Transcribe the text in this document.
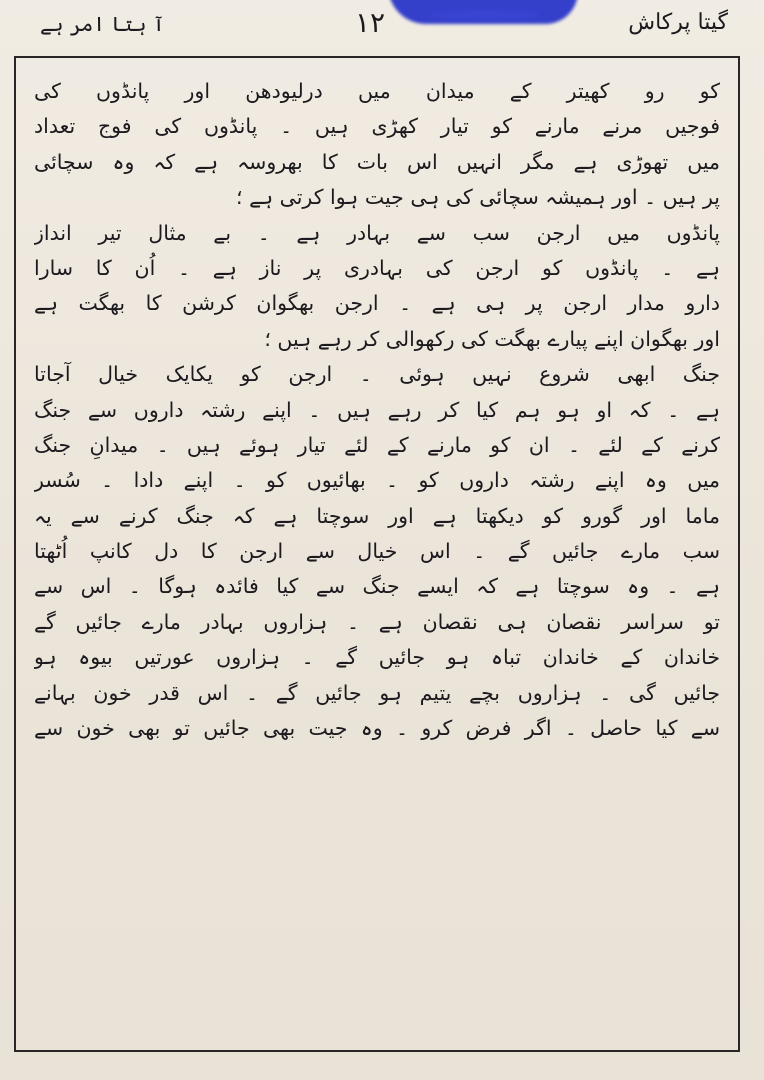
آ ہتا امر ہے	١٢	گیتا پرکاش
کو رو کھیتر کے میدان میں درلیودھن اور پانڈوں کی
فوجیں مرنے مارنے کو تیار کھڑی ہیں ۔ پانڈوں کی فوج تعداد
میں تھوڑی ہے مگر انہیں اس بات کا بھروسہ ہے کہ وہ سچائی
پر ہیں ۔ اور ہمیشہ سچائی کی ہی جیت ہوا کرتی ہے ؛
پانڈوں میں ارجن سب سے بہادر ہے ۔ بے مثال تیر انداز
ہے ۔ پانڈوں کو ارجن کی بہادری پر ناز ہے ۔ اُن کا سارا
دارو مدار ارجن پر ہی ہے ۔ ارجن بھگوان کرشن کا بھگت ہے
اور بھگوان اپنے پیارے بھگت کی رکھوالی کر رہے ہیں ؛
جنگ ابھی شروع نہیں ہوئی ۔ ارجن کو یکایک خیال آجاتا
ہے ۔ کہ او ہو ہم کیا کر رہے ہیں ۔ اپنے رشتہ داروں سے جنگ
کرنے کے لئے ۔ ان کو مارنے کے لئے تیار ہوئے ہیں ۔ میدانِ جنگ
میں وہ اپنے رشتہ داروں کو ۔ بھائیوں کو ۔ اپنے دادا ۔ سُسر
ماما اور گورو کو دیکھتا ہے اور سوچتا ہے کہ جنگ کرنے سے یہ
سب مارے جائیں گے ۔ اس خیال سے ارجن کا دل کانپ اُٹھتا
ہے ۔ وہ سوچتا ہے کہ ایسے جنگ سے کیا فائدہ ہوگا ۔ اس سے
تو سراسر نقصان ہی نقصان ہے ۔ ہزاروں بہادر مارے جائیں گے
خاندان کے خاندان تباہ ہو جائیں گے ۔ ہزاروں عورتیں بیوہ ہو
جائیں گی ۔ ہزاروں بچے یتیم ہو جائیں گے ۔ اس قدر خون بہانے
سے کیا حاصل ۔ اگر فرض کرو ۔ وہ جیت بھی جائیں تو بھی خون سے
